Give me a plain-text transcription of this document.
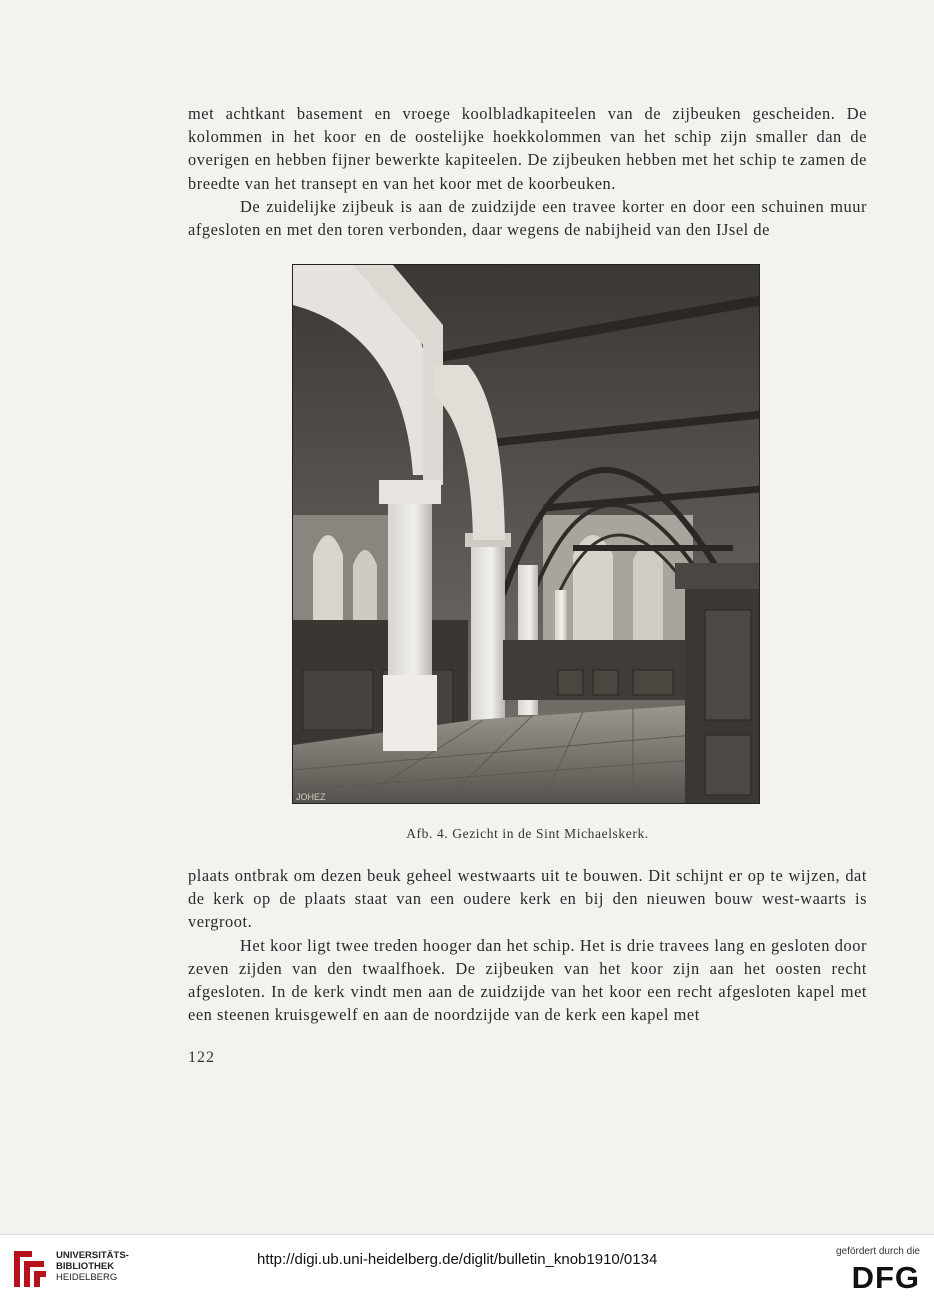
met achtkant basement en vroege koolbladkapiteelen van de zijbeuken gescheiden. De kolommen in het koor en de oostelijke hoekkolommen van het schip zijn smaller dan de overigen en hebben fijner bewerkte kapiteelen. De zijbeuken hebben met het schip te zamen de breedte van het transept en van het koor met de koorbeuken.

De zuidelijke zijbeuk is aan de zuidzijde een travee korter en door een schuinen muur afgesloten en met den toren verbonden, daar wegens de nabijheid van den IJsel de

JOHEZ
Afb. 4. Gezicht in de Sint Michaelskerk.

plaats ontbrak om dezen beuk geheel westwaarts uit te bouwen. Dit schijnt er op te wijzen, dat de kerk op de plaats staat van een oudere kerk en bij den nieuwen bouw west-waarts is vergroot.

Het koor ligt twee treden hooger dan het schip. Het is drie travees lang en gesloten door zeven zijden van den twaalfhoek. De zijbeuken van het koor zijn aan het oosten recht afgesloten. In de kerk vindt men aan de zuidzijde van het koor een recht afgesloten kapel met een steenen kruisgewelf en aan de noordzijde van de kerk een kapel met

122
UNIVERSITÄTS-
BIBLIOTHEK
HEIDELBERG
http://digi.ub.uni-heidelberg.de/diglit/bulletin_knob1910/0134	gefördert durch die
DFG
